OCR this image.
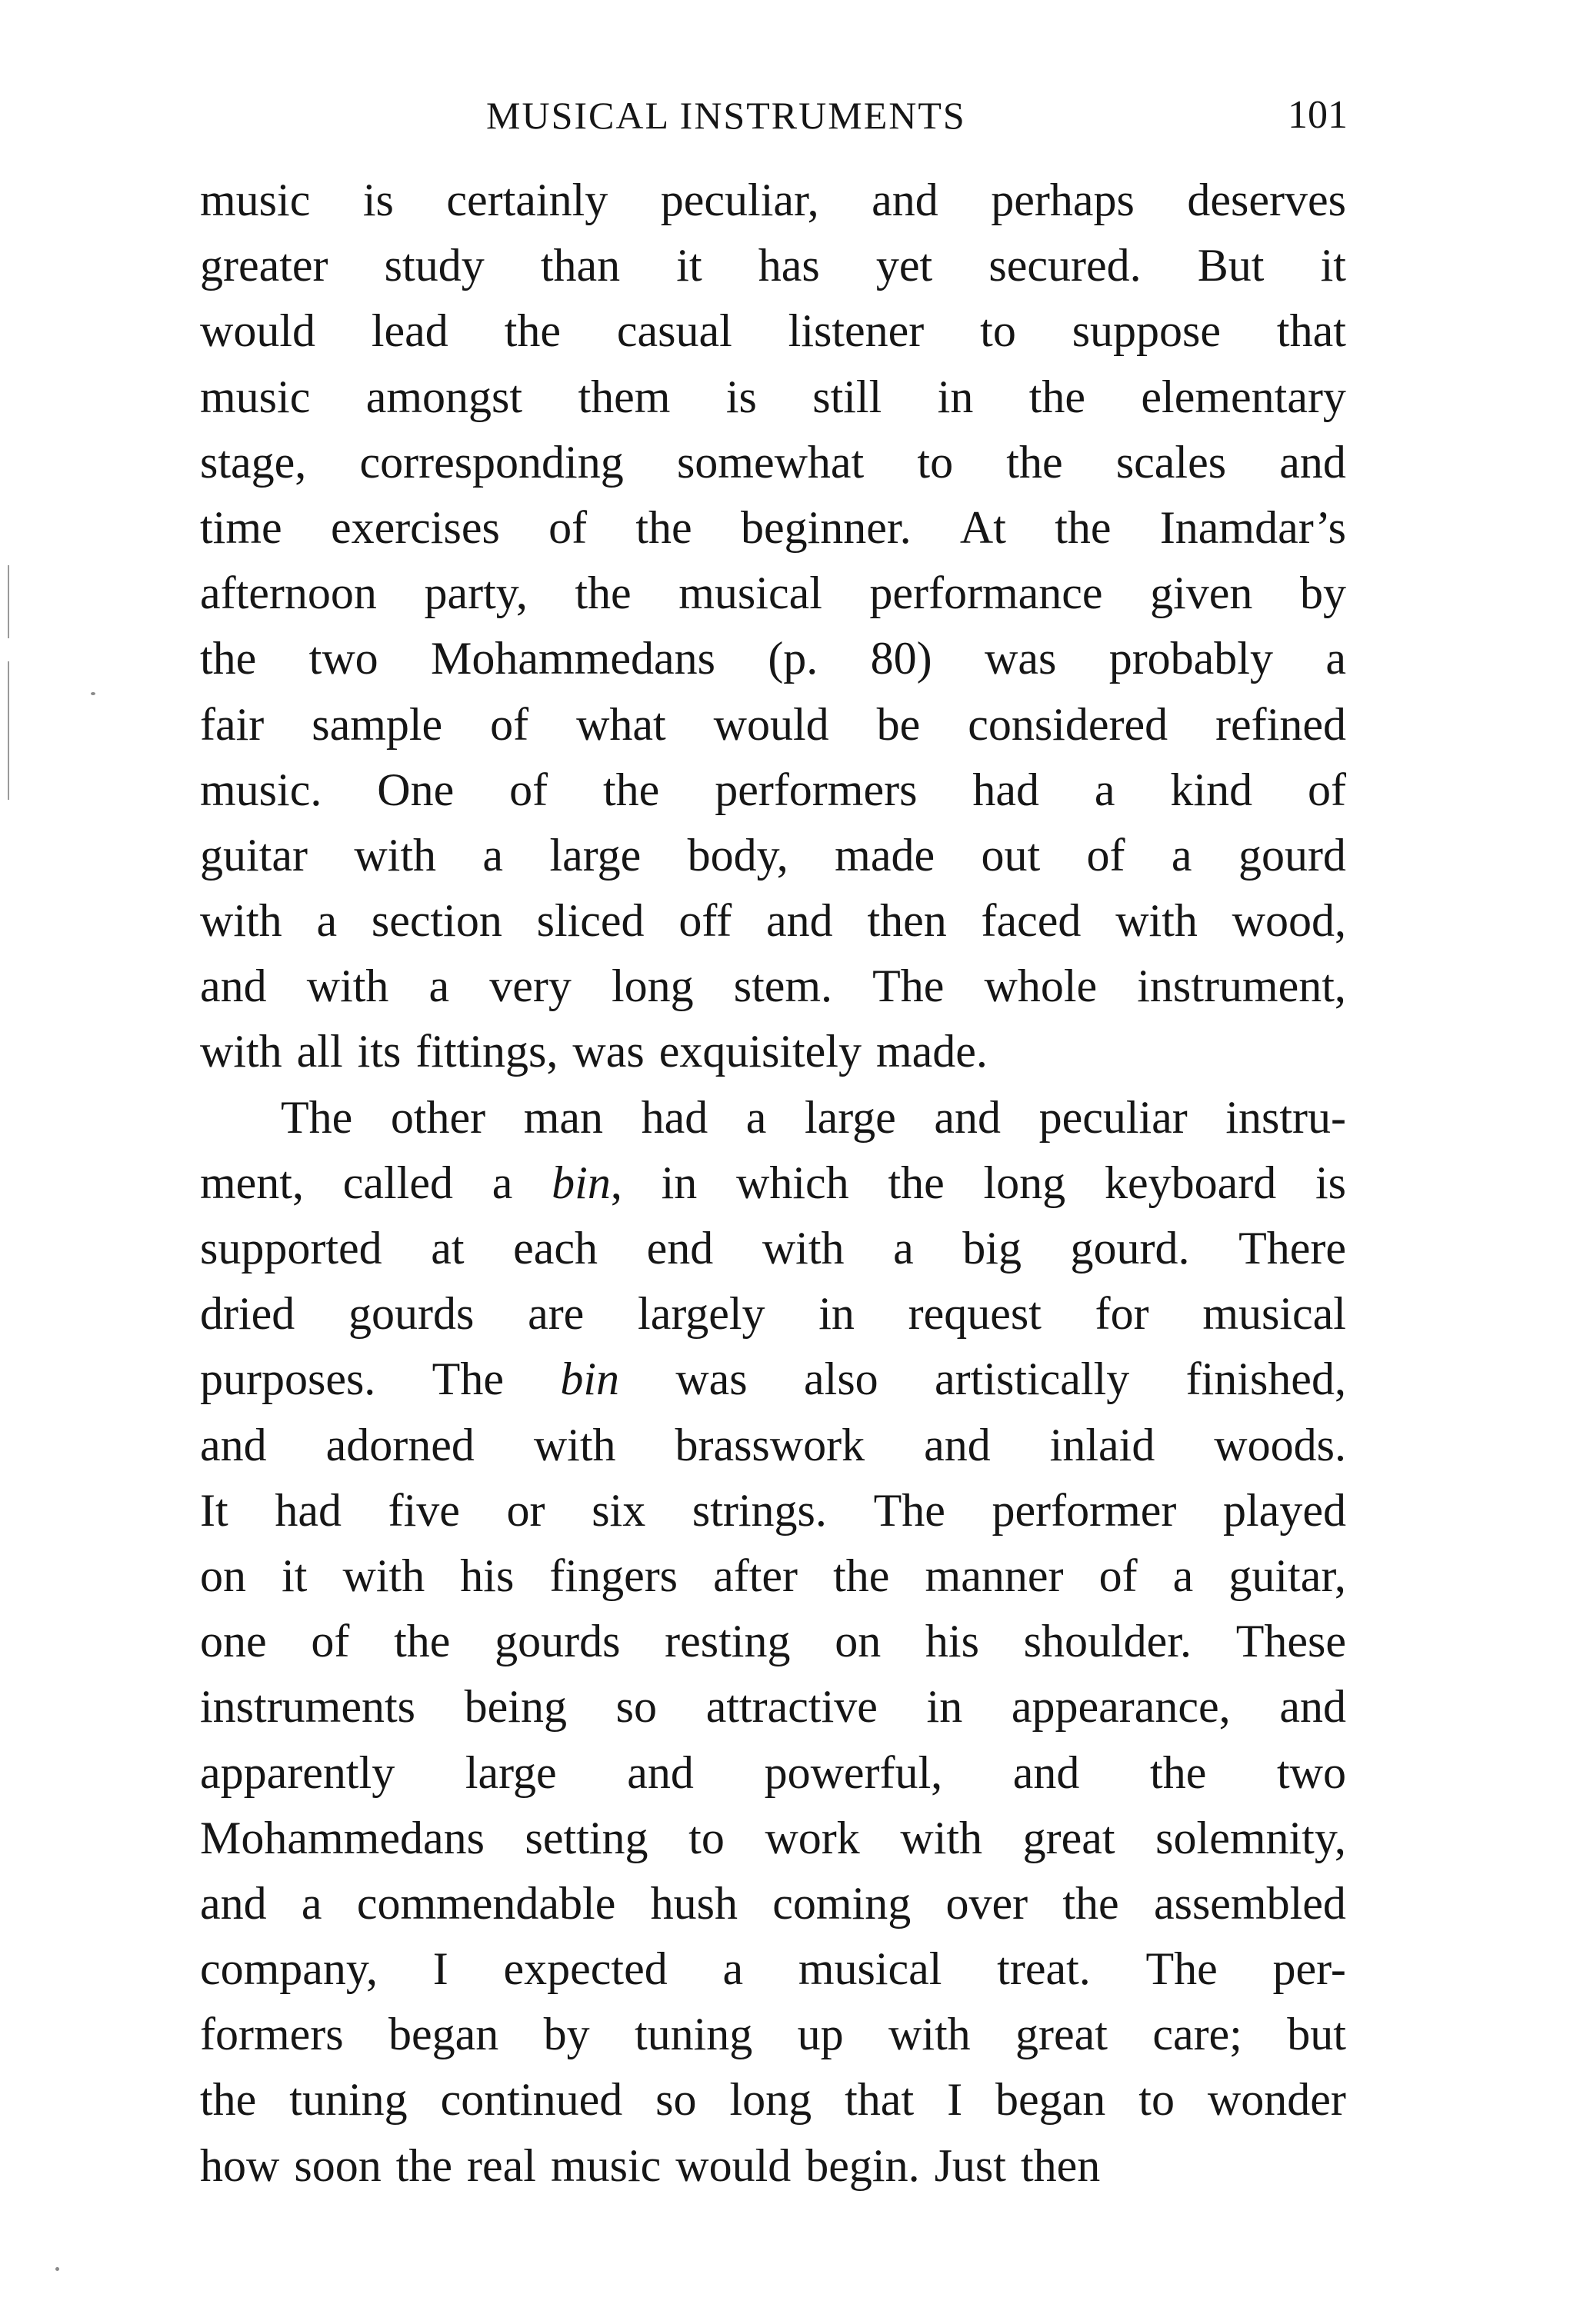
MUSICAL INSTRUMENTS	101
music is certainly peculiar, and perhaps deserves
greater study than it has yet secured. But it
would lead the casual listener to suppose that
music amongst them is still in the elementary
stage, corresponding somewhat to the scales and
time exercises of the beginner. At the Inamdar’s
afternoon party, the musical performance given by
the two Mohammedans (p. 80) was probably a
fair sample of what would be considered refined
music. One of the performers had a kind of
guitar with a large body, made out of a gourd
with a section sliced off and then faced with wood,
and with a very long stem. The whole instrument,
with
all
its
fittings,
was
exquisitely
made.
The other man had a large and peculiar instru-
ment, called a bin, in which the long keyboard is
supported at each end with a big gourd. There
dried gourds are largely in request for musical
purposes. The bin was also artistically finished,
and adorned with brasswork and inlaid woods.
It had five or six strings. The performer played
on it with his fingers after the manner of a guitar,
one of the gourds resting on his shoulder. These
instruments being so attractive in appearance, and
apparently large and powerful, and the two
Mohammedans setting to work with great solemnity,
and a commendable hush coming over the assembled
company, I expected a musical treat. The per-
formers began by tuning up with great care; but
the tuning continued so long that I began to wonder
how
soon
the
real
music
would
begin.
Just
then
